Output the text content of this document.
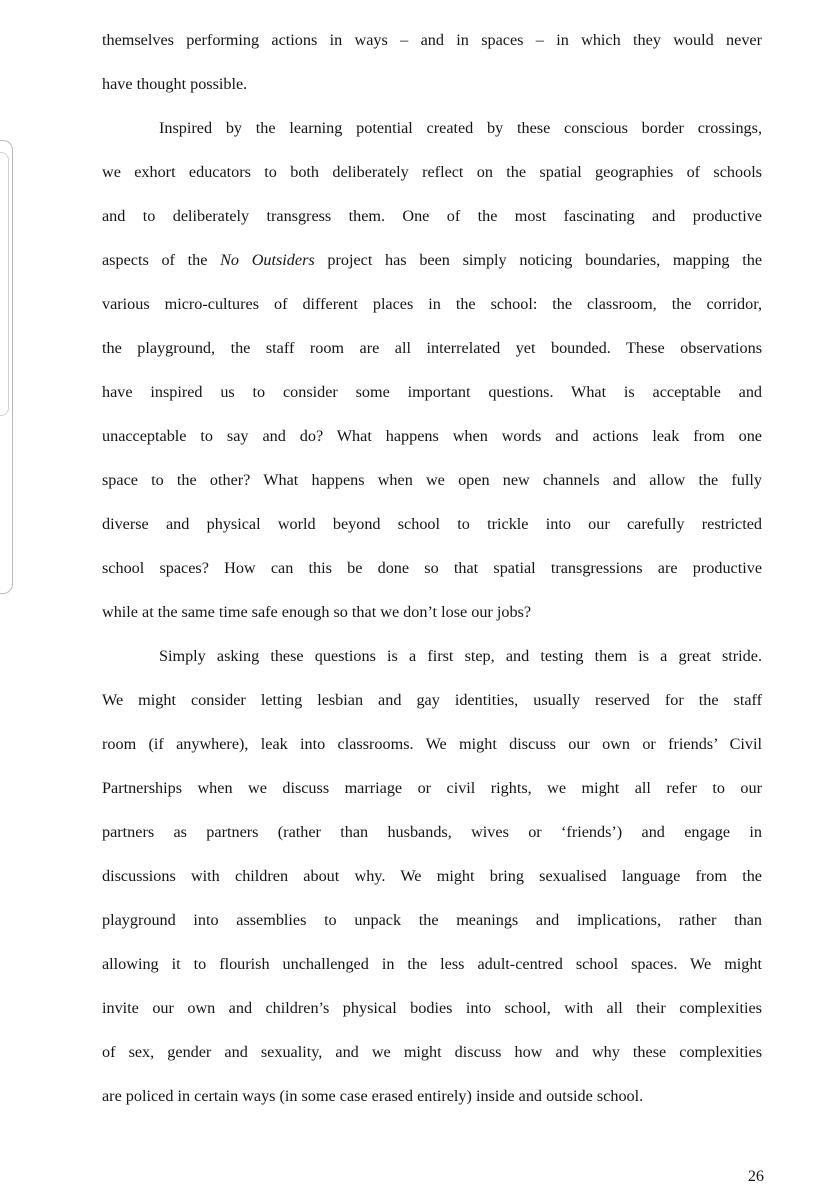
themselves performing actions in ways – and in spaces – in which they would never
have thought possible.

Inspired by the learning potential created by these conscious border crossings,
we exhort educators to both deliberately reflect on the spatial geographies of schools
and to deliberately transgress them. One of the most fascinating and productive
aspects of the No Outsiders project has been simply noticing boundaries, mapping the
various micro-cultures of different places in the school: the classroom, the corridor,
the playground, the staff room are all interrelated yet bounded. These observations
have inspired us to consider some important questions. What is acceptable and
unacceptable to say and do? What happens when words and actions leak from one
space to the other? What happens when we open new channels and allow the fully
diverse and physical world beyond school to trickle into our carefully restricted
school spaces? How can this be done so that spatial transgressions are productive
while at the same time safe enough so that we don’t lose our jobs?

Simply asking these questions is a first step, and testing them is a great stride.
We might consider letting lesbian and gay identities, usually reserved for the staff
room (if anywhere), leak into classrooms. We might discuss our own or friends’ Civil
Partnerships when we discuss marriage or civil rights, we might all refer to our
partners as partners (rather than husbands, wives or ‘friends’) and engage in
discussions with children about why. We might bring sexualised language from the
playground into assemblies to unpack the meanings and implications, rather than
allowing it to flourish unchallenged in the less adult-centred school spaces. We might
invite our own and children’s physical bodies into school, with all their complexities
of sex, gender and sexuality, and we might discuss how and why these complexities
are policed in certain ways (in some case erased entirely) inside and outside school.

26
